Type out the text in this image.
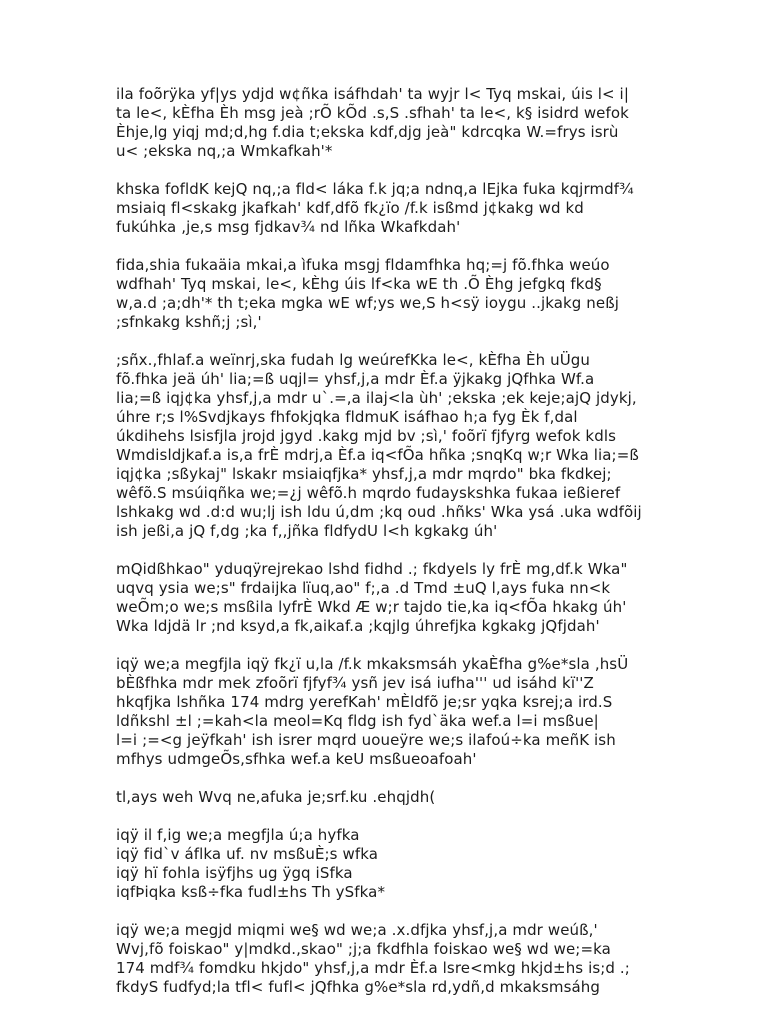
ila foõrÿka yf|ys ydjd w¢ñka isáfhdah' ta wyjr l< Tyq mskai, úis l< i|
ta le<, kÈfha Èh msg jeà ;rÕ kÕd .s,S .sfhah' ta le<, k§ isidrd wefok
Èhje,lg yiqj md;d,hg f.dia t;ekska kdf,djg jeà" kdrcqka W.=frys isrù
u< ;ekska nq,;a Wmkafkah'*

khska fofldK kejQ nq,;a fld< láka f.k jq;a ndnq,a lEjka fuka kqjrmdf¾
msiaiq fl<skakg jkafkah' kdf,dfõ fk¿ïo /f.k isßmd j¢kakg wd kd
fukúhka ,je,s msg fjdkav¾ nd lñka Wkafkdah'

fida,shia fukaäia mkai,a ìfuka msgj fldamfhka hq;=j fõ.fhka weúo
wdfhah' Tyq mskai, le<, kÈhg úis lf<ka wE th .Õ Èhg jefgkq fkd§
w,a.d ;a;dh'* th t;eka mgka wE wf;ys we,S h<sÿ ioygu ..jkakg neßj
;sfnkakg kshñ;j ;sì,'

;sñx.,fhlaf.a weïnrj,ska fudah lg weúrefKka le<, kÈfha Èh uÜgu
fõ.fhka jeä úh' lia;=ß uqjl= yhsf,j,a mdr Èf.a ÿjkakg jQfhka Wf.a
lia;=ß iqj¢ka yhsf,j,a mdr u`.=,a ilaj<la ùh' ;ekska ;ek keje;ajQ jdykj,
úhre r;s l%Svdjkays fhfokjqka fldmuK isáfhao h;a fyg Èk f,dal
úkdihehs lsisfjla jrojd jgyd .kakg mjd bv ;sì,' foõrï fjfyrg wefok kdls
Wmdisldjkaf.a is,a frÈ mdrj,a Èf.a iq<fÕa hñka ;snqKq w;r Wka lia;=ß
iqj¢ka ;sßykaj" lskakr msiaiqfjka* yhsf,j,a mdr mqrdo" bka fkdkej;
wêfõ.S msúiqñka we;=¿j wêfõ.h mqrdo fudayskshka fukaa ießieref
lshkakg wd .d:d wu;lj ish ldu ú,dm ;kq oud .hñks' Wka ysá .uka wdfõij
ish jeßi,a jQ f,dg ;ka f,,jñka fldfydU l<h kgkakg úh'

mQidßhkao" yduqÿrejrekao lshd fidhd .; fkdyels ly frÈ mg,df.k Wka"
uqvq ysia we;s" frdaijka lïuq,ao" f;,a .d Tmd ±uQ l,ays fuka nn<k
weÕm;o we;s msßila lyfrÈ Wkd Æ w;r tajdo tie,ka iq<fÕa hkakg úh'
Wka ldjdä lr ;nd ksyd,a fk,aikaf.a ;kqjlg úhrefjka kgkakg jQfjdah'

iqÿ we;a megfjla iqÿ fk¿ï u,la /f.k mkaksmsáh ykaÈfha g%e*sla ,hsÜ
bÈßfhka mdr mek zfoõrï fjfyf¾ ysñ jev isá iufha''' ud isáhd kï''Z
hkqfjka lshñka 174 mdrg yerefKah' mÈldfõ je;sr yqka ksrej;a ird.S
ldñkshl ±l ;=kah<la meol=Kq fldg ish fyd`äka wef.a l=i msßue|
l=i ;=<g jeÿfkah' ish isrer mqrd uoueÿre we;s ilafoú÷ka meñK ish
mfhys udmgeÕs,sfhka wef.a keU msßueoafoah'

tl,ays weh Wvq ne,afuka je;srf.ku .ehqjdh(

iqÿ il f,ig we;a megfjla ú;a hyfka
iqÿ fid`v áflka uf. nv msßuÈ;s wfka
iqÿ hï fohla isÿfjhs ug ÿgq iSfka
iqfÞiqka ksß÷fka fudl±hs Th ySfka*

iqÿ we;a megjd miqmi we§ wd we;a .x.dfjka yhsf,j,a mdr weúß,'
Wvj,fõ foiskao" y|mdkd.,skao" ;j;a fkdfhla foiskao we§ wd we;=ka
174 mdf¾ fomdku hkjdo" yhsf,j,a mdr Èf.a lsre<mkg hkjd±hs is;d .;
fkdyS fudfyd;la tfl< fufl< jQfhka g%e*sla rd,ydñ,d mkaksmsáhg
